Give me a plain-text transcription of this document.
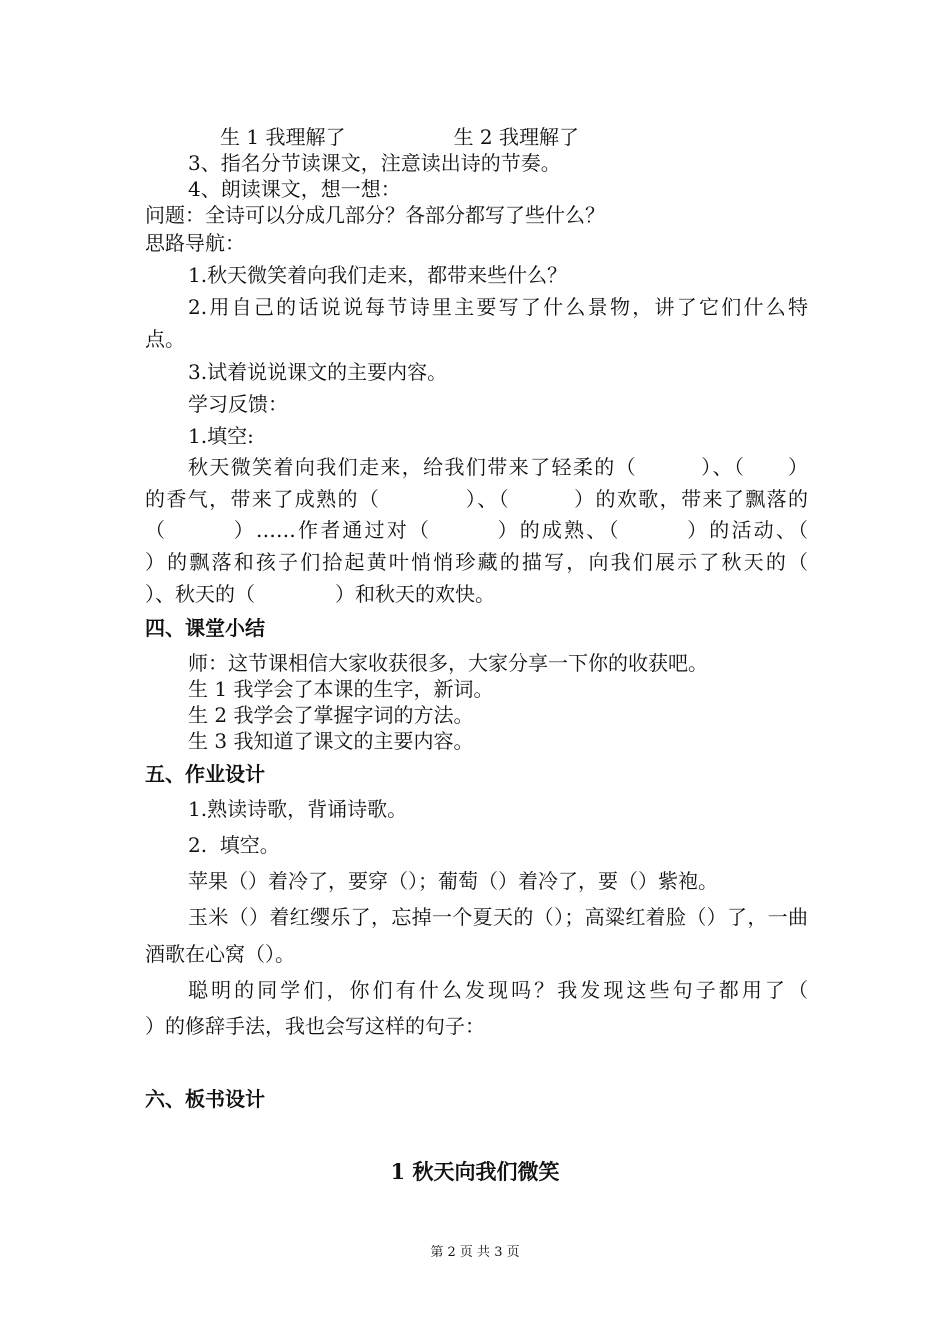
生 1 我理解了                 生 2 我理解了
3、指名分节读课文，注意读出诗的节奏。
4、朗读课文，想一想：
问题：全诗可以分成几部分？各部分都写了些什么？
思路导航：
1.秋天微笑着向我们走来，都带来些什么？
2.用自己的话说说每节诗里主要写了什么景物，讲了它们什么特
点。
3.试着说说课文的主要内容。
学习反馈：
1.填空:
秋天微笑着向我们走来，给我们带来了轻柔的（　　　）、（　　）
的香气，带来了成熟的（　　　　）、（　　　）的欢歌，带来了飘落的
（　　　）……作者通过对（　　　）的成熟、（　　　）的活动、（
）的飘落和孩子们拾起黄叶悄悄珍藏的描写，向我们展示了秋天的（
）、秋天的（　　　　）和秋天的欢快。
四、课堂小结
师：这节课相信大家收获很多，大家分享一下你的收获吧。
生 1 我学会了本课的生字，新词。
生 2 我学会了掌握字词的方法。
生 3 我知道了课文的主要内容。
五、作业设计
1.熟读诗歌，背诵诗歌。
2.  填空。
苹果（）着冷了，要穿（）；葡萄（）着冷了，要（）紫袍。
玉米（）着红缨乐了，忘掉一个夏天的（）；高粱红着脸（）了，一曲
酒歌在心窝（）。
聪明的同学们，你们有什么发现吗？我发现这些句子都用了（
）的修辞手法，我也会写这样的句子：
六、板书设计
1 秋天向我们微笑
第 2 页 共 3 页
